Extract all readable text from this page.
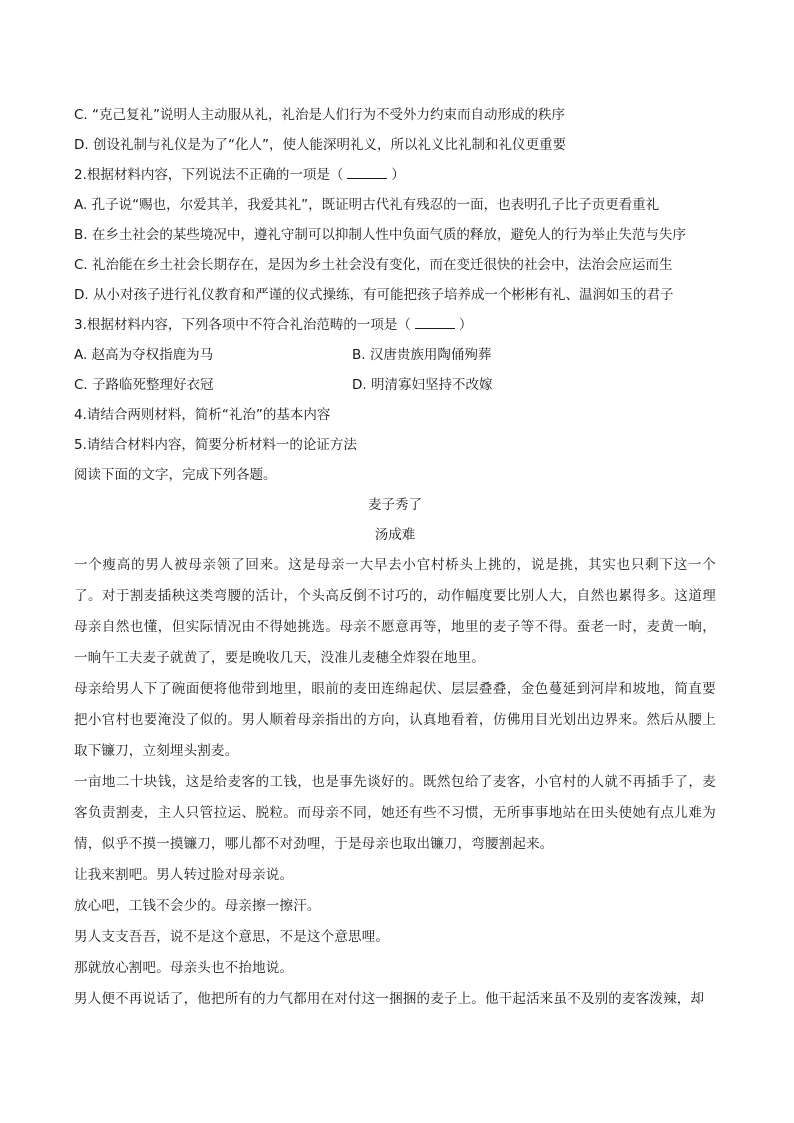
C. “克己复礼”说明人主动服从礼，礼治是人们行为不受外力约束而自动形成的秩序
D. 创设礼制与礼仪是为了“化人”，使人能深明礼义，所以礼义比礼制和礼仪更重要
2.根据材料内容，下列说法不正确的一项是（	）
A. 孔子说“赐也，尔爱其羊，我爱其礼”，既证明古代礼有残忍的一面，也表明孔子比子贡更看重礼
B. 在乡土社会的某些境况中，遵礼守制可以抑制人性中负面气质的释放，避免人的行为举止失范与失序
C. 礼治能在乡土社会长期存在，是因为乡土社会没有变化，而在变迁很快的社会中，法治会应运而生
D. 从小对孩子进行礼仪教育和严谨的仪式操练，有可能把孩子培养成一个彬彬有礼、温润如玉的君子
3.根据材料内容，下列各项中不符合礼治范畴的一项是（	）
A. 赵高为夺权指鹿为马	B. 汉唐贵族用陶俑殉葬
C. 子路临死整理好衣冠	D. 明清寡妇坚持不改嫁
4.请结合两则材料，简析“礼治”的基本内容
5.请结合材料内容，简要分析材料一的论证方法
阅读下面的文字，完成下列各题。
麦子秀了
汤成难

一个瘦高的男人被母亲领了回来。这是母亲一大早去小官村桥头上挑的，说是挑，其实也只剩下这一个了。对于割麦插秧这类弯腰的活计，个头高反倒不讨巧的，动作幅度要比别人大，自然也累得多。这道理母亲自然也懂，但实际情况由不得她挑选。母亲不愿意再等，地里的麦子等不得。蚕老一时，麦黄一晌，一晌午工夫麦子就黄了，要是晚收几天，没准儿麦穗全炸裂在地里。

母亲给男人下了碗面便将他带到地里，眼前的麦田连绵起伏、层层叠叠，金色蔓延到河岸和坡地，简直要把小官村也要淹没了似的。男人顺着母亲指出的方向，认真地看着，仿佛用目光划出边界来。然后从腰上取下镰刀，立刻埋头割麦。

一亩地二十块钱，这是给麦客的工钱，也是事先谈好的。既然包给了麦客，小官村的人就不再插手了，麦客负责割麦，主人只管拉运、脱粒。而母亲不同，她还有些不习惯，无所事事地站在田头使她有点儿难为情，似乎不摸一摸镰刀，哪儿都不对劲哩，于是母亲也取出镰刀，弯腰割起来。

让我来割吧。男人转过脸对母亲说。

放心吧，工钱不会少的。母亲擦一擦汗。

男人支支吾吾，说不是这个意思，不是这个意思哩。

那就放心割吧。母亲头也不抬地说。

男人便不再说话了，他把所有的力气都用在对付这一捆捆的麦子上。他干起活来虽不及别的麦客泼辣，却
